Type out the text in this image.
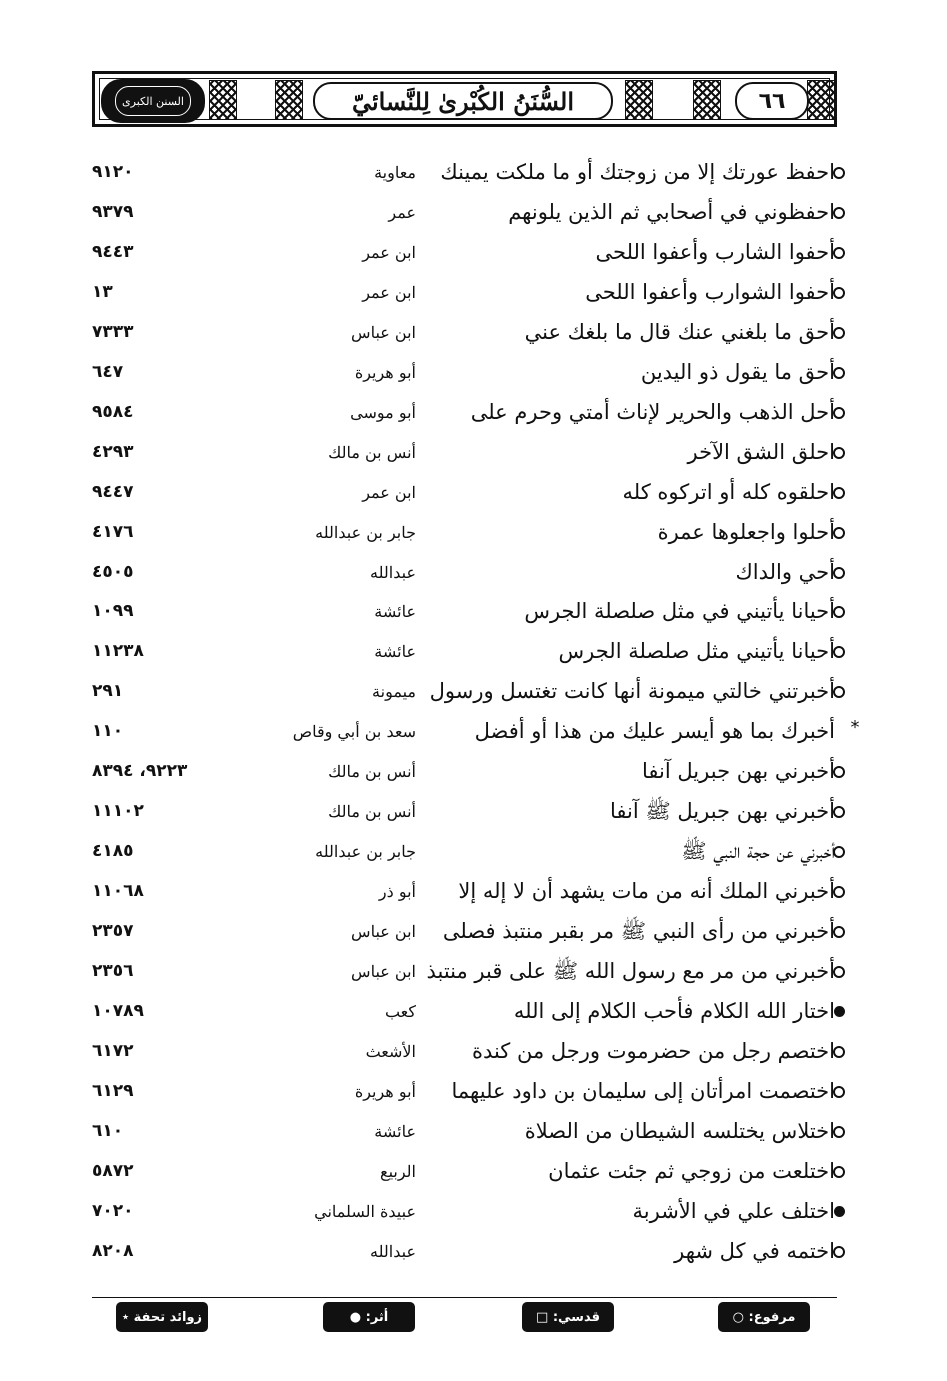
السنن الكبرى	السُّنَنُ الكُبْرىٰ لِلنَّسائيّ	٦٦
احفظ عورتك إلا من زوجتك أو ما ملكت يمينك
معاوية
٩١٢٠
احفظوني في أصحابي ثم الذين يلونهم
عمر
٩٣٧٩
أحفوا الشارب وأعفوا اللحى
ابن عمر
٩٤٤٣
أحفوا الشوارب وأعفوا اللحى
ابن عمر
١٣
أحق ما بلغني عنك قال ما بلغك عني
ابن عباس
٧٣٣٣
أحق ما يقول ذو اليدين
أبو هريرة
٦٤٧
أحل الذهب والحرير لإناث أمتي وحرم على
أبو موسى
٩٥٨٤
احلق الشق الآخر
أنس بن مالك
٤٢٩٣
احلقوه كله أو اتركوه كله
ابن عمر
٩٤٤٧
أحلوا واجعلوها عمرة
جابر بن عبدالله
٤١٧٦
أحي والداك
عبدالله
٤٥٠٥
أحيانا يأتيني في مثل صلصلة الجرس
عائشة
١٠٩٩
أحيانا يأتيني مثل صلصلة الجرس
عائشة
١١٢٣٨
أخبرتني خالتي ميمونة أنها كانت تغتسل ورسول
ميمونة
٢٩١
*
أخبرك بما هو أيسر عليك من هذا أو أفضل
سعد بن أبي وقاص
١١٠
أخبرني بهن جبريل آنفا
أنس بن مالك
٩٢٢٣، ٨٣٩٤
أخبرني بهن جبريل ﷺ آنفا
أنس بن مالك
١١١٠٢
أخبرني عن حجة النبي ﷺ
جابر بن عبدالله
٤١٨٥
أخبرني الملك أنه من مات يشهد أن لا إله إلا
أبو ذر
١١٠٦٨
أخبرني من رأى النبي ﷺ مر بقبر منتبذ فصلى
ابن عباس
٢٣٥٧
أخبرني من مر مع رسول الله ﷺ على قبر منتبذ
ابن عباس
٢٣٥٦
اختار الله الكلام فأحب الكلام إلى الله
كعب
١٠٧٨٩
اختصم رجل من حضرموت ورجل من كندة
الأشعث
٦١٧٢
اختصمت امرأتان إلى سليمان بن داود عليهما
أبو هريرة
٦١٢٩
اختلاس يختلسه الشيطان من الصلاة
عائشة
٦١٠
اختلعت من زوجي ثم جئت عثمان
الربيع
٥٨٧٢
اختلف علي في الأشربة
عبيدة السلماني
٧٠٢٠
اختمه في كل شهر
عبدالله
٨٢٠٨
مرفوع: ○
قدسي: □
أثر: ●
زوائد تحفة ٭
